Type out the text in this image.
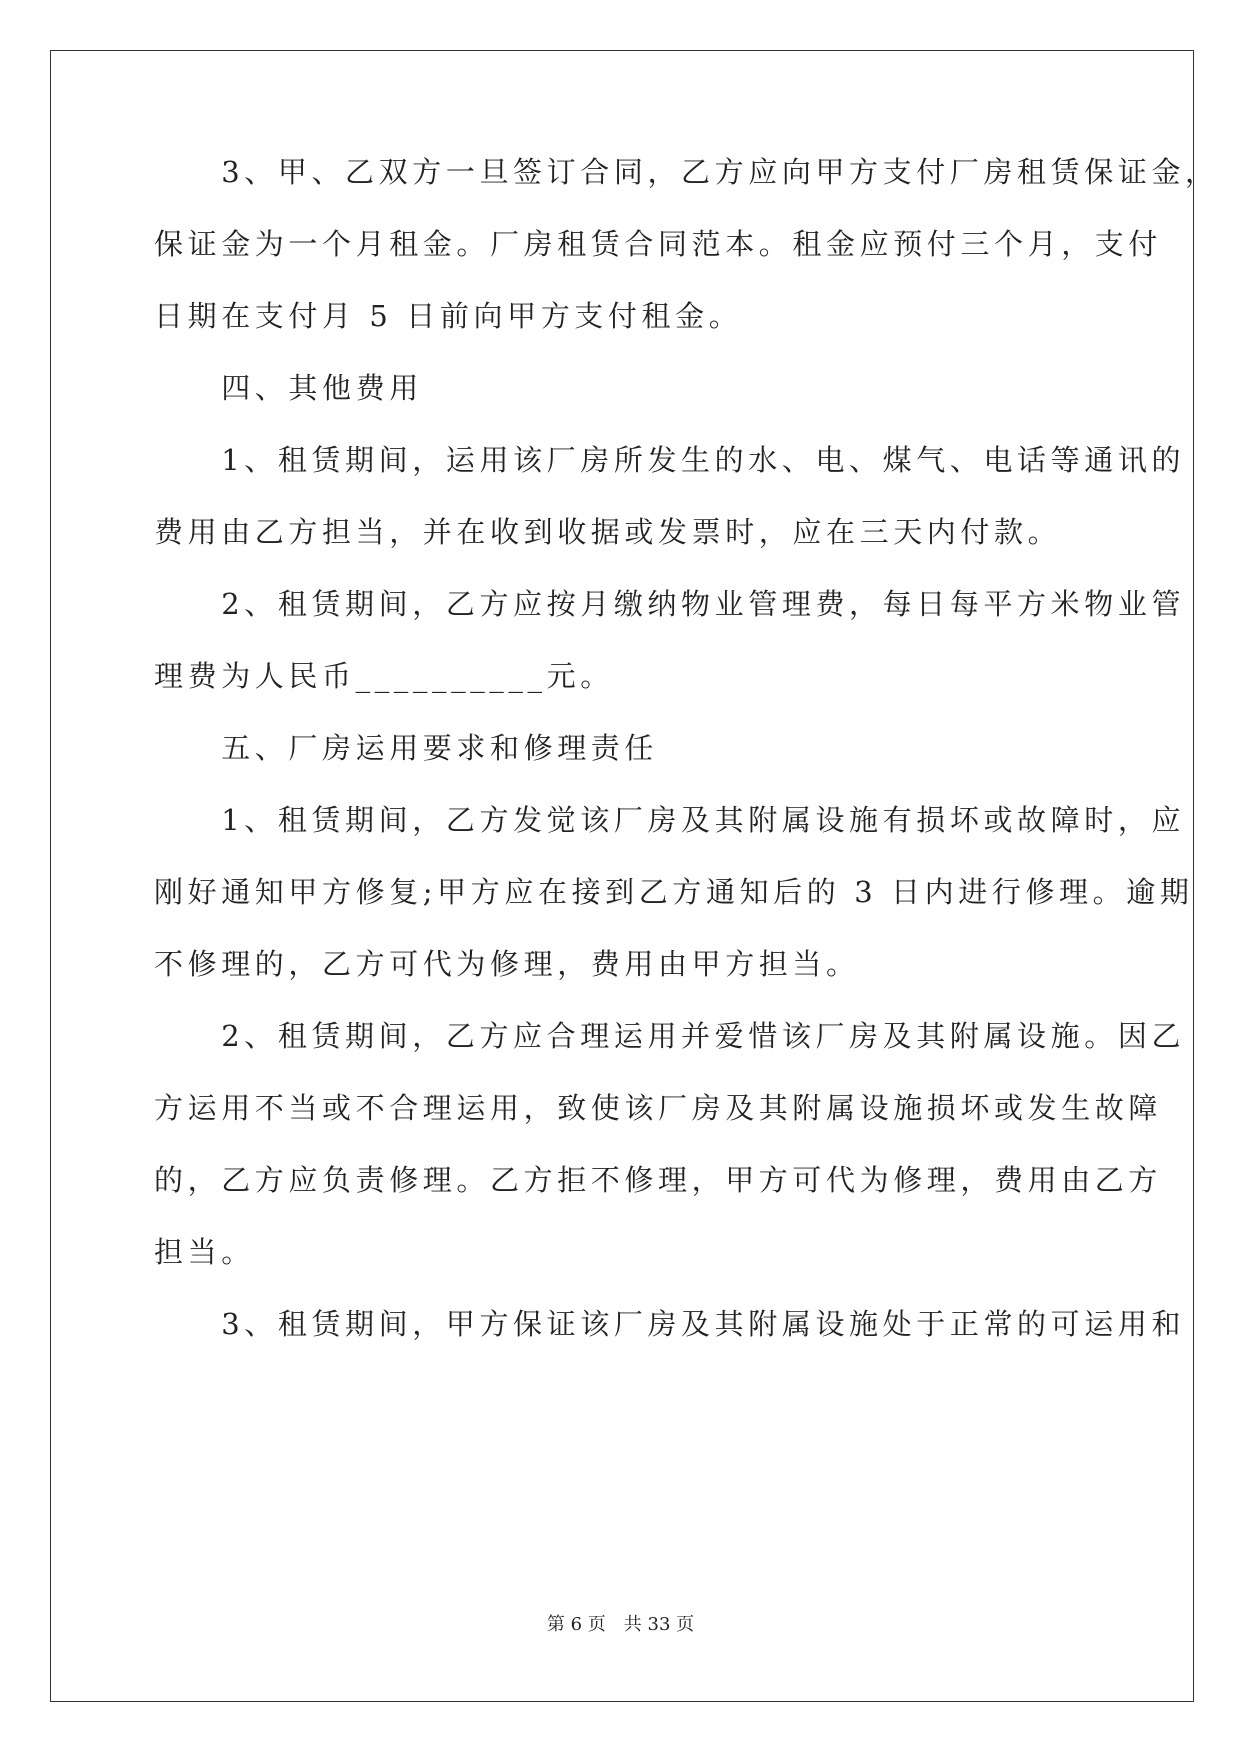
　　3、甲、乙双方一旦签订合同，乙方应向甲方支付厂房租赁保证金，

保证金为一个月租金。厂房租赁合同范本。租金应预付三个月，支付

日期在支付月 5 日前向甲方支付租金。

　　四、其他费用

　　1、租赁期间，运用该厂房所发生的水、电、煤气、电话等通讯的

费用由乙方担当，并在收到收据或发票时，应在三天内付款。

　　2、租赁期间，乙方应按月缴纳物业管理费，每日每平方米物业管

理费为人民币__________元。

　　五、厂房运用要求和修理责任

　　1、租赁期间，乙方发觉该厂房及其附属设施有损坏或故障时，应

刚好通知甲方修复;甲方应在接到乙方通知后的 3 日内进行修理。逾期

不修理的，乙方可代为修理，费用由甲方担当。

　　2、租赁期间，乙方应合理运用并爱惜该厂房及其附属设施。因乙

方运用不当或不合理运用，致使该厂房及其附属设施损坏或发生故障

的，乙方应负责修理。乙方拒不修理，甲方可代为修理，费用由乙方

担当。

　　3、租赁期间，甲方保证该厂房及其附属设施处于正常的可运用和

第 6 页　共 33 页
